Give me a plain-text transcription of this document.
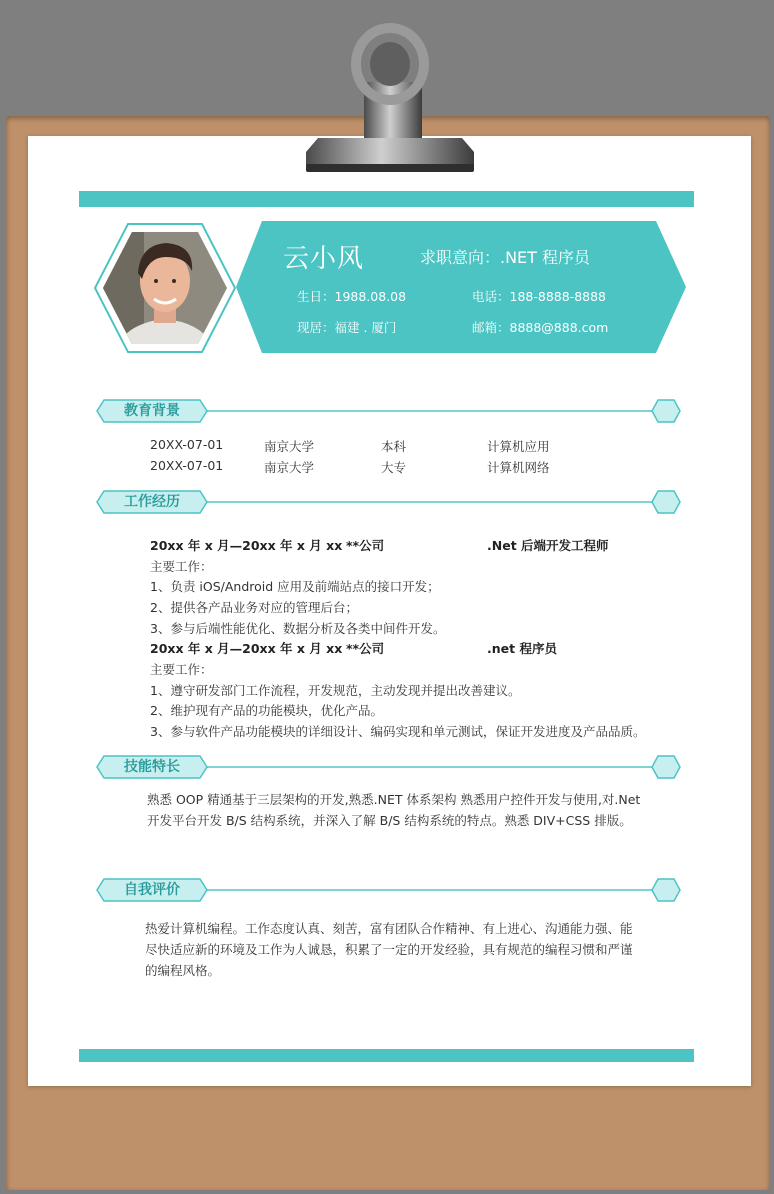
云小风	求职意向：.NET 程序员
生日：1988.08.08	电话：188-8888-8888
现居：福建 . 厦门	邮箱：8888@888.com
教育背景
20XX-07-01	南京大学	本科	计算机应用
20XX-07-01	南京大学	大专	计算机网络
工作经历
20xx 年 x 月—20xx 年 x 月 xx **公司	.Net 后端开发工程师
主要工作：
1、负责 iOS/Android 应用及前端站点的接口开发；
2、提供各产品业务对应的管理后台；
3、参与后端性能优化、数据分析及各类中间件开发。
20xx 年 x 月—20xx 年 x 月 xx **公司	.net 程序员
主要工作：
1、遵守研发部门工作流程，开发规范，主动发现并提出改善建议。
2、维护现有产品的功能模块，优化产品。
3、参与软件产品功能模块的详细设计、编码实现和单元测试，保证开发进度及产品品质。
技能特长
熟悉 OOP 精通基于三层架构的开发,熟悉.NET 体系架构 熟悉用户控件开发与使用,对.Net
开发平台开发 B/S 结构系统，并深入了解 B/S 结构系统的特点。熟悉 DIV+CSS 排版。
自我评价
热爱计算机编程。工作态度认真、刻苦，富有团队合作精神、有上进心、沟通能力强、能
尽快适应新的环境及工作为人诚恳，积累了一定的开发经验，具有规范的编程习惯和严谨
的编程风格。
